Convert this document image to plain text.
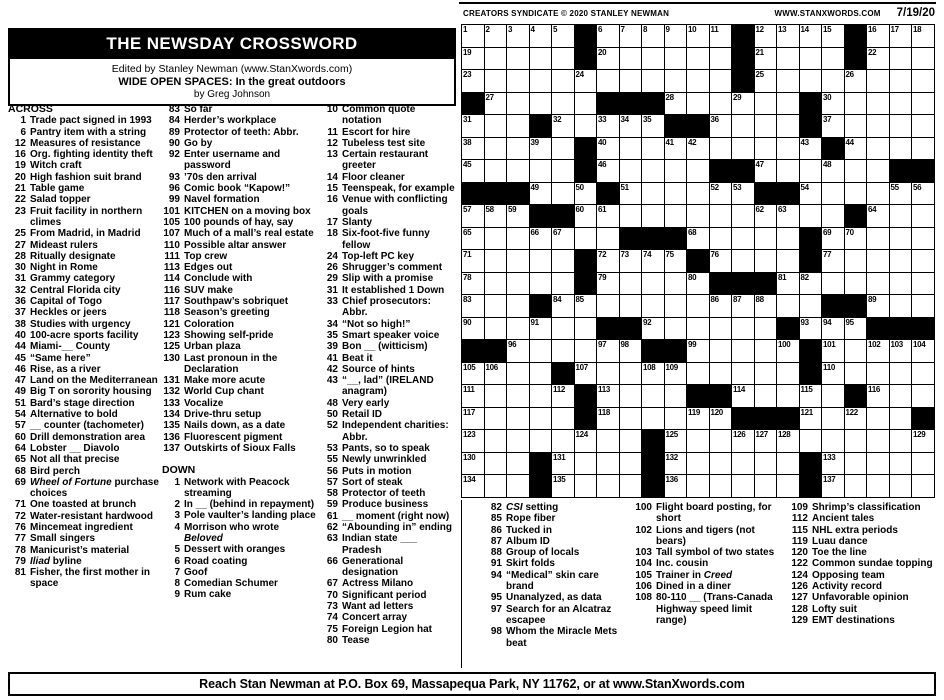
THE NEWSDAY CROSSWORD
Edited by Stanley Newman (www.StanXwords.com)
WIDE OPEN SPACES: In the great outdoors
by Greg Johnson
CREATORS SYNDICATE © 2020 STANLEY NEWMAN	WWW.STANXWORDS.COM 7/19/20
1 2 3 4 5	6 7 8 9 10 11	12 13 14 15	16 17 18
19	20	21	22
23	24	25	26
27	28	29	30
31	32	33 34 35	36	37
38	39	40	41 42	43	44
45	46	47	48
49	50	51	52 53	54	55 56
57 58 59	60 61	62 63	64
65	66 67	68	69 70
71	72 73 74 75	76	77
78	79	80	81 82
83	84 85	86 87 88	89
90	91	92	93 94 95
96	97 98	99	100	101	102 103 104
105 106	107	108 109	110
111	112	113	114	115	116
117	118	119 120	121	122
123	124	125	126 127 128	129
130	131	132	133
134	135	136	137
ACROSS
1 Trade pact signed in 1993
6 Pantry item with a string
12 Measures of resistance
16 Org. fighting identity theft
19 Witch craft
20 High fashion suit brand
21 Table game
22 Salad topper
23 Fruit facility in northern climes
25 From Madrid, in Madrid
27 Mideast rulers
28 Ritually designate
30 Night in Rome
31 Grammy category
32 Central Florida city
36 Capital of Togo
37 Heckles or jeers
38 Studies with urgency
40 100-acre sports facility
44 Miami-__ County
45 “Same here”
46 Rise, as a river
47 Land on the Mediterranean
49 Big T on sorority housing
51 Bard’s stage direction
54 Alternative to bold
57 __ counter (tachometer)
60 Drill demonstration area
64 Lobster __ Diavolo
65 Not all that precise
68 Bird perch
69 Wheel of Fortune purchase choices
71 One toasted at brunch
72 Water-resistant hardwood
76 Mincemeat ingredient
77 Small singers
78 Manicurist’s material
79 Iliad byline
81 Fisher, the first mother in space
83 So far
84 Herder’s workplace
89 Protector of teeth: Abbr.
90 Go by
92 Enter username and password
93 ’70s den arrival
96 Comic book “Kapow!”
99 Navel formation
101 KITCHEN on a moving box
105 100 pounds of hay, say
107 Much of a mall’s real estate
110 Possible altar answer
111 Top crew
113 Edges out
114 Conclude with
116 SUV make
117 Southpaw’s sobriquet
118 Season’s greeting
121 Coloration
123 Showing self-pride
125 Urban plaza
130 Last pronoun in the Declaration
131 Make more acute
132 World Cup chant
133 Vocalize
134 Drive-thru setup
135 Nails down, as a date
136 Fluorescent pigment
137 Outskirts of Sioux Falls
DOWN
1 Network with Peacock streaming
2 In __ (behind in repayment)
3 Pole vaulter’s landing place
4 Morrison who wrote Beloved
5 Dessert with oranges
6 Road coating
7 Goof
8 Comedian Schumer
9 Rum cake
10 Common quote notation
11 Escort for hire
12 Tubeless test site
13 Certain restaurant greeter
14 Floor cleaner
15 Teenspeak, for example
16 Venue with conflicting goals
17 Slanty
18 Six-foot-five funny fellow
24 Top-left PC key
26 Shrugger’s comment
29 Slip with a promise
31 It established 1 Down
33 Chief prosecutors: Abbr.
34 “Not so high!”
35 Smart speaker voice
39 Bon __ (witticism)
41 Beat it
42 Source of hints
43 “__, lad” (IRELAND anagram)
48 Very early
50 Retail ID
52 Independent charities: Abbr.
53 Pants, so to speak
55 Newly unwrinkled
56 Puts in motion
57 Sort of steak
58 Protector of teeth
59 Produce business
61 __ moment (right now)
62 “Abounding in” ending
63 Indian state ___ Pradesh
66 Generational designation
67 Actress Milano
70 Significant period
73 Want ad letters
74 Concert array
75 Foreign Legion hat
80 Tease
82 CSI setting
85 Rope fiber
86 Tucked in
87 Album ID
88 Group of locals
91 Skirt folds
94 “Medical” skin care brand
95 Unanalyzed, as data
97 Search for an Alcatraz escapee
98 Whom the Miracle Mets beat
100 Flight board posting, for short
102 Lions and tigers (not bears)
103 Tall symbol of two states
104 Inc. cousin
105 Trainer in Creed
106 Dined in a diner
108 80-110 __ (Trans-Canada Highway speed limit range)
109 Shrimp’s classification
112 Ancient tales
115 NHL extra periods
119 Luau dance
120 Toe the line
122 Common sundae topping
124 Opposing team
126 Activity record
127 Unfavorable opinion
128 Lofty suit
129 EMT destinations
Reach Stan Newman at P.O. Box 69, Massapequa Park, NY 11762, or at www.StanXwords.com
